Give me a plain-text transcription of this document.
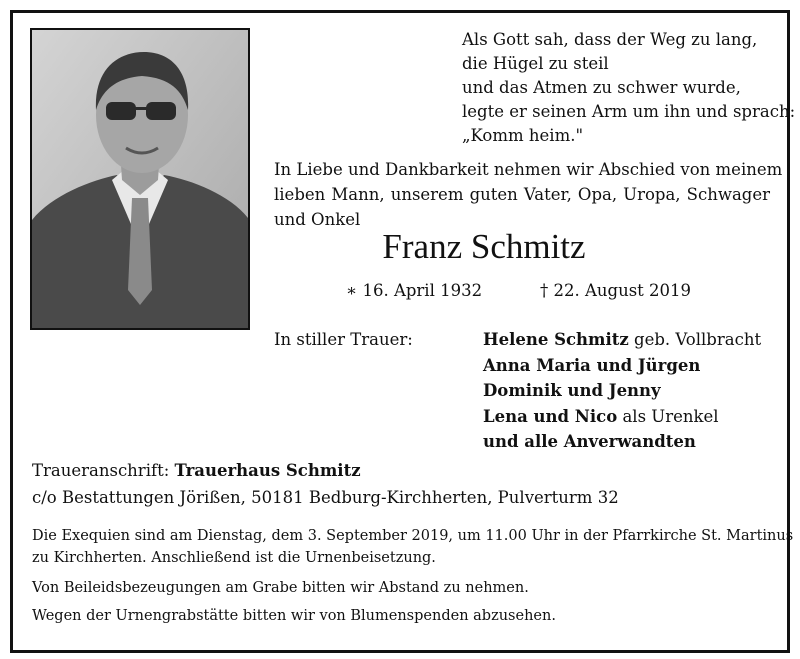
Als Gott sah, dass der Weg zu lang,
die Hügel zu steil
und das Atmen zu schwer wurde,
legte er seinen Arm um ihn und sprach:
„Komm heim."
In Liebe und Dankbarkeit nehmen wir Abschied von meinem
lieben Mann, unserem guten Vater, Opa, Uropa, Schwager
und Onkel
Franz Schmitz
∗ 16. April 1932	† 22. August 2019
In stiller Trauer:	Helene Schmitz geb. Vollbracht
Anna Maria und Jürgen
Dominik und Jenny
Lena und Nico als Urenkel
und alle Anverwandten
Traueranschrift: Trauerhaus Schmitz
c/o Bestattungen Jörißen, 50181 Bedburg-Kirchherten, Pulverturm 32
Die Exequien sind am Dienstag, dem 3. September 2019, um 11.00 Uhr in der Pfarrkirche St. Martinus
zu Kirchherten. Anschließend ist die Urnenbeisetzung.
Von Beileidsbezeugungen am Grabe bitten wir Abstand zu nehmen.
Wegen der Urnengrabstätte bitten wir von Blumenspenden abzusehen.
